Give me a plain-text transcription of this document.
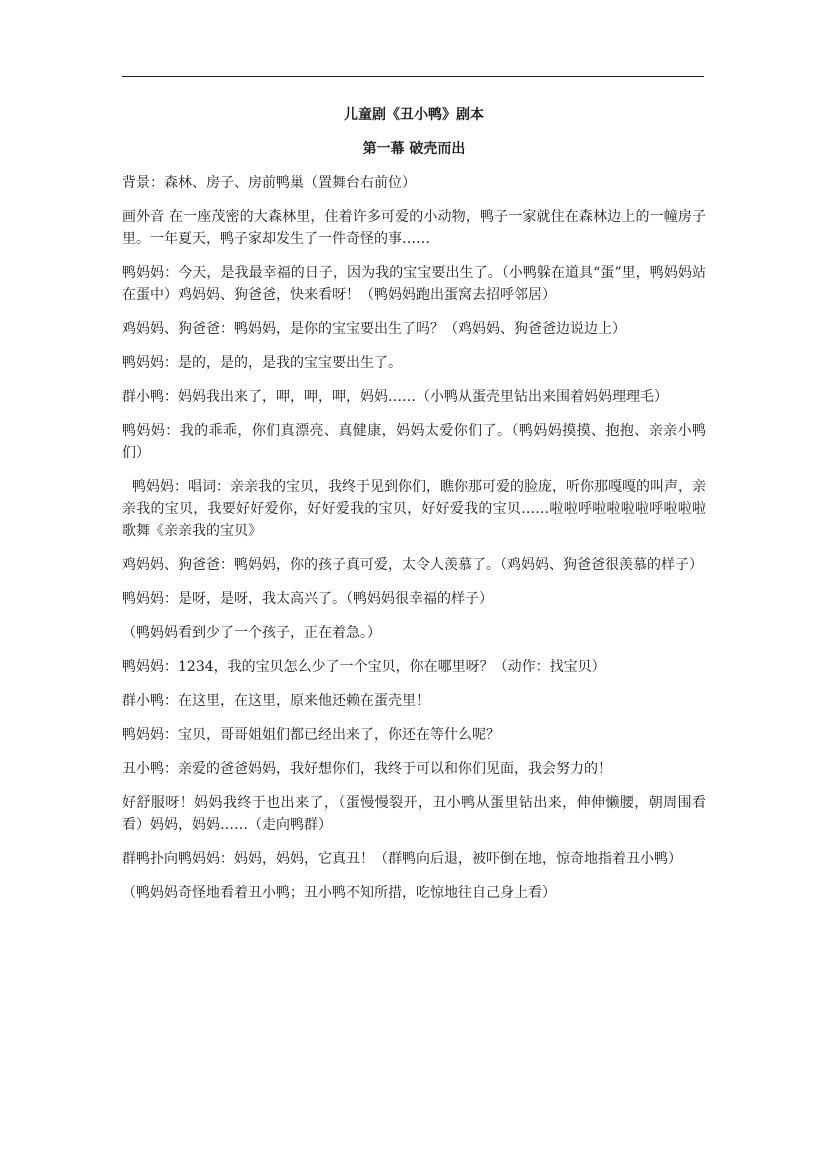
儿童剧《丑小鸭》剧本
第一幕 破壳而出

背景：森林、房子、房前鸭巢（置舞台右前位）

画外音 在一座茂密的大森林里，住着许多可爱的小动物，鸭子一家就住在森林边上的一幢房子里。一年夏天，鸭子家却发生了一件奇怪的事……

鸭妈妈：今天，是我最幸福的日子，因为我的宝宝要出生了。（小鸭躲在道具“蛋”里，鸭妈妈站在蛋中）鸡妈妈、狗爸爸，快来看呀！（鸭妈妈跑出蛋窝去招呼邻居）

鸡妈妈、狗爸爸：鸭妈妈，是你的宝宝要出生了吗？（鸡妈妈、狗爸爸边说边上）

鸭妈妈：是的，是的，是我的宝宝要出生了。

群小鸭：妈妈我出来了，呷，呷，呷，妈妈……（小鸭从蛋壳里钻出来围着妈妈理理毛）

鸭妈妈：我的乖乖，你们真漂亮、真健康，妈妈太爱你们了。（鸭妈妈摸摸、抱抱、亲亲小鸭们）

鸭妈妈：唱词：亲亲我的宝贝，我终于见到你们，瞧你那可爱的脸庞，听你那嘎嘎的叫声，亲亲我的宝贝，我要好好爱你，好好爱我的宝贝，好好爱我的宝贝……啦啦呼啦啦啦啦呼啦啦啦 歌舞《亲亲我的宝贝》

鸡妈妈、狗爸爸：鸭妈妈，你的孩子真可爱，太令人羡慕了。（鸡妈妈、狗爸爸很羡慕的样子）

鸭妈妈：是呀，是呀，我太高兴了。（鸭妈妈很幸福的样子）

（鸭妈妈看到少了一个孩子，正在着急。）

鸭妈妈：1234，我的宝贝怎么少了一个宝贝，你在哪里呀？（动作：找宝贝）

群小鸭：在这里，在这里，原来他还赖在蛋壳里！

鸭妈妈：宝贝，哥哥姐姐们都已经出来了，你还在等什么呢？

丑小鸭：亲爱的爸爸妈妈，我好想你们，我终于可以和你们见面，我会努力的！

好舒服呀！妈妈我终于也出来了，（蛋慢慢裂开，丑小鸭从蛋里钻出来，伸伸懒腰，朝周围看看）妈妈，妈妈……（走向鸭群）

群鸭扑向鸭妈妈：妈妈，妈妈，它真丑！（群鸭向后退，被吓倒在地，惊奇地指着丑小鸭）

（鸭妈妈奇怪地看着丑小鸭；丑小鸭不知所措，吃惊地往自己身上看）
